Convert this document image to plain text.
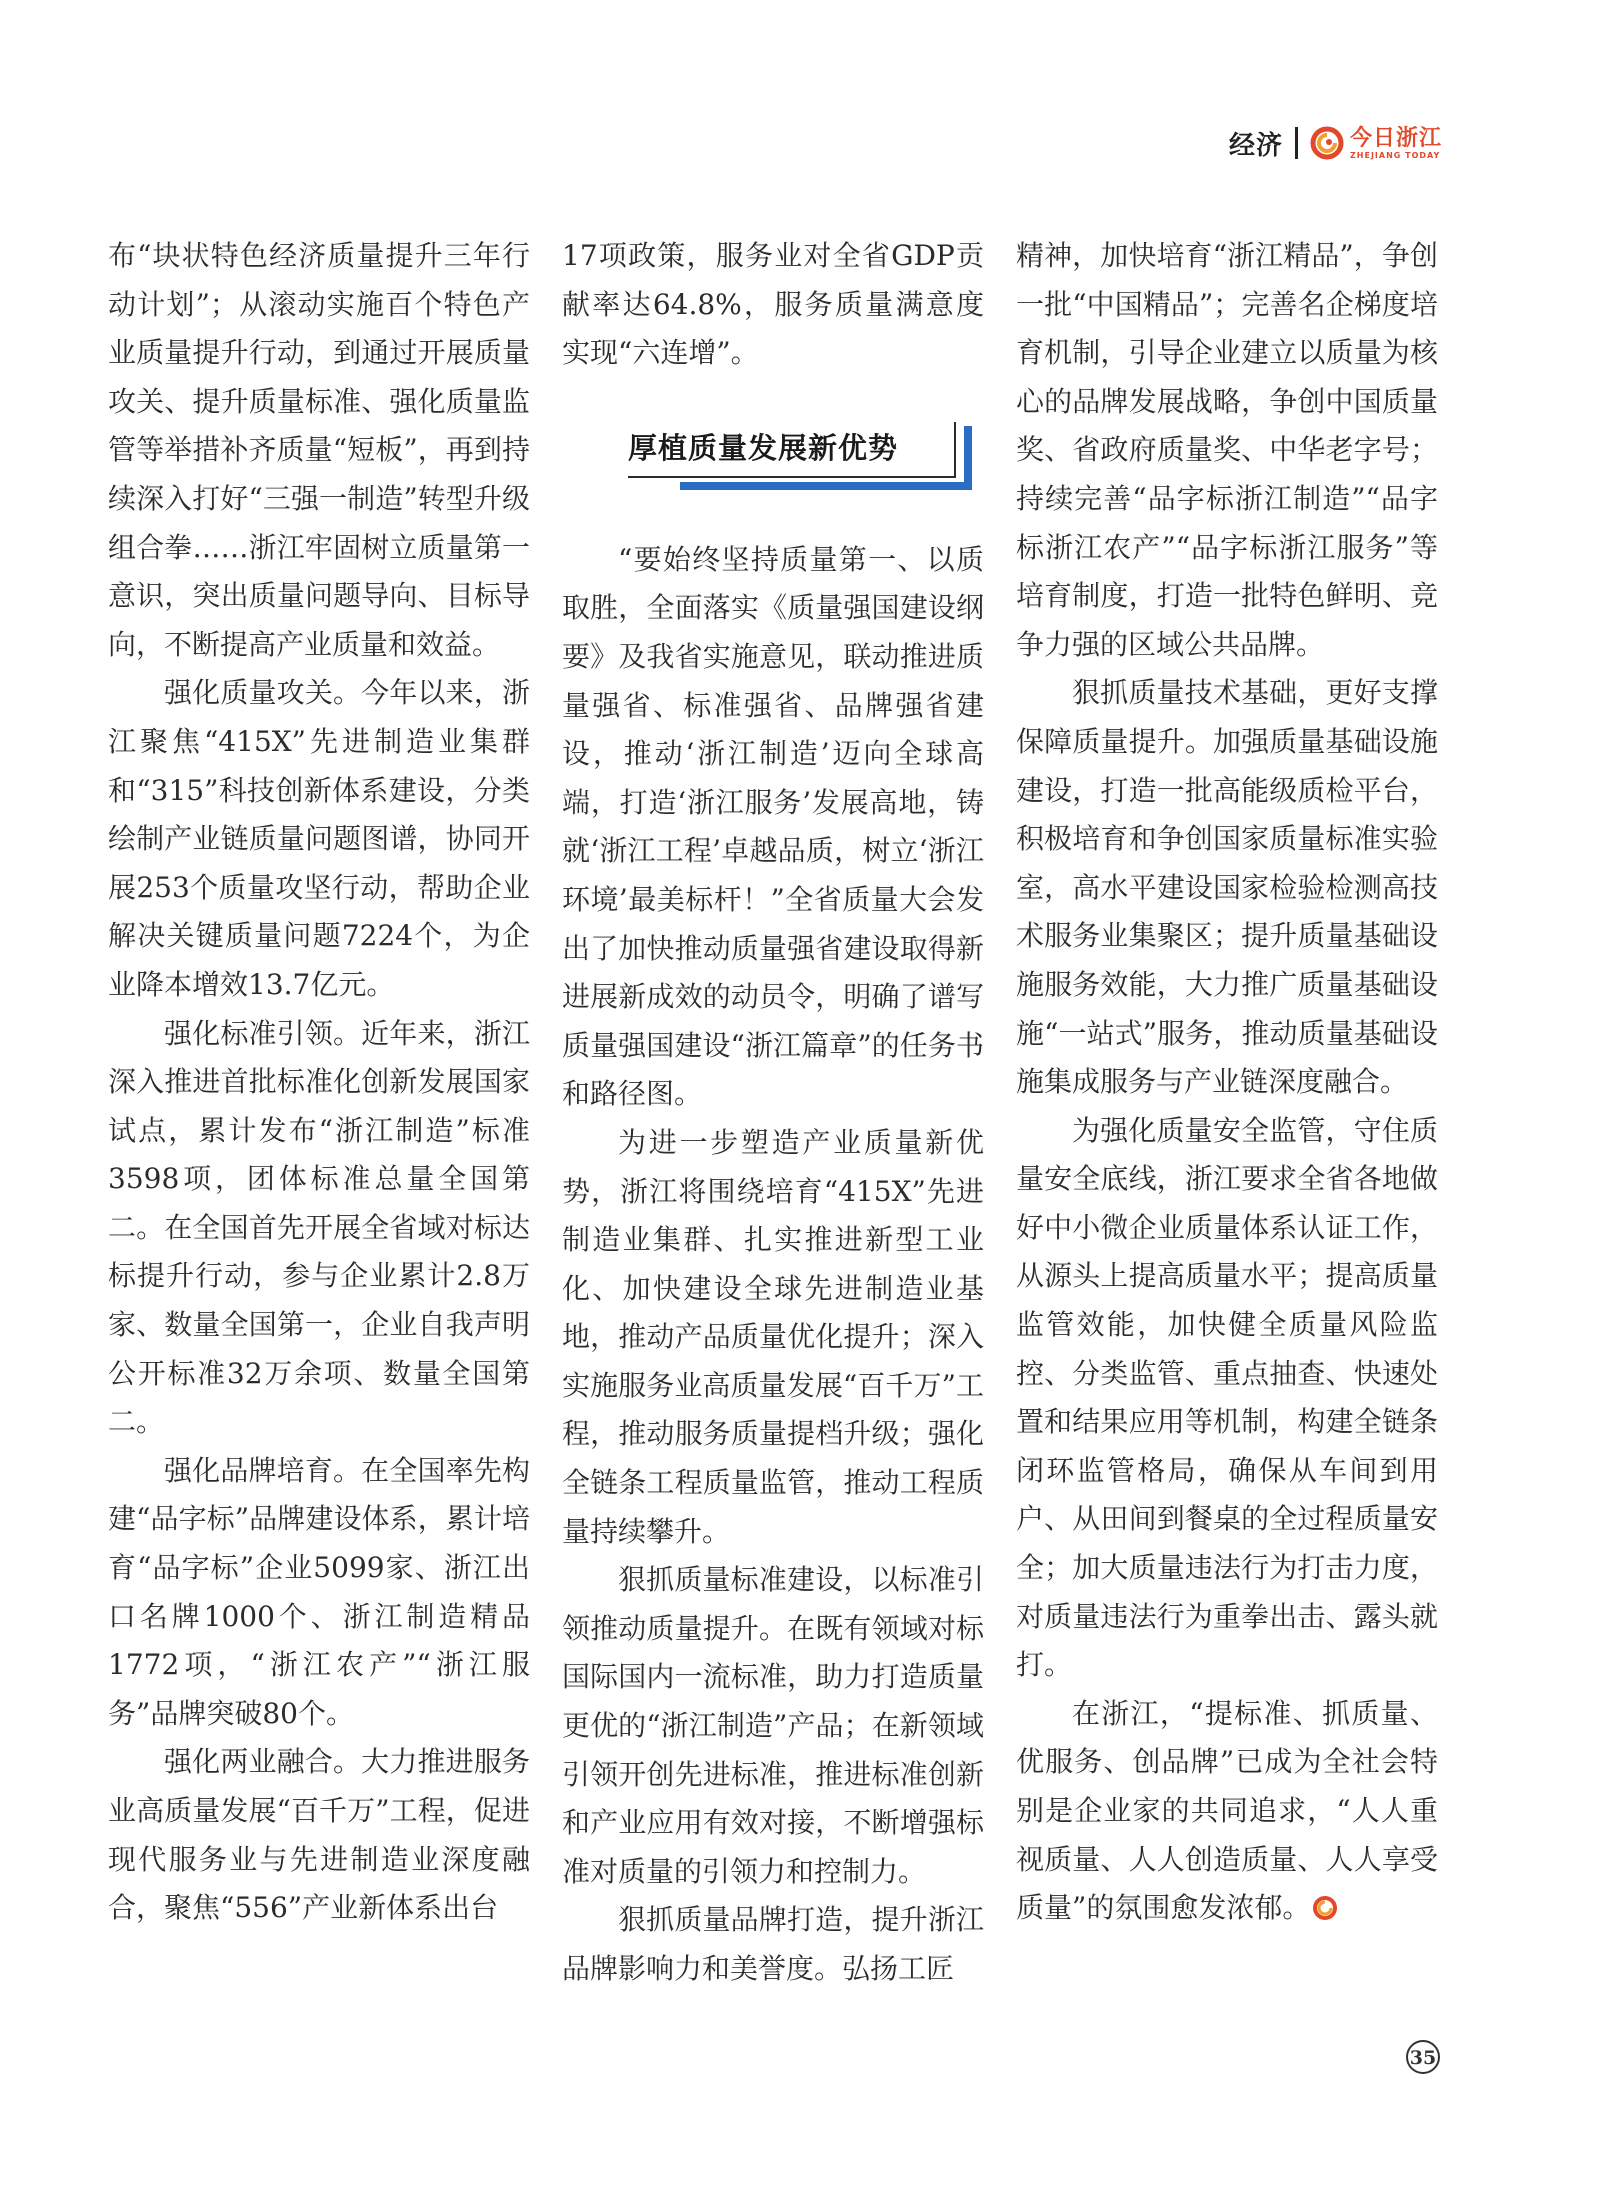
经济	今日浙江
ZHEJIANG TODAY

布“块状特色经济质量提升三年行动计划”；从滚动实施百个特色产业质量提升行动，到通过开展质量攻关、提升质量标准、强化质量监管等举措补齐质量“短板”，再到持续深入打好“三强一制造”转型升级组合拳……浙江牢固树立质量第一意识，突出质量问题导向、目标导向，不断提高产业质量和效益。

强化质量攻关。今年以来，浙江聚焦“415X”先进制造业集群和“315”科技创新体系建设，分类绘制产业链质量问题图谱，协同开展253个质量攻坚行动，帮助企业解决关键质量问题7224个，为企业降本增效13.7亿元。

强化标准引领。近年来，浙江深入推进首批标准化创新发展国家试点，累计发布“浙江制造”标准3598项，团体标准总量全国第二。在全国首先开展全省域对标达标提升行动，参与企业累计2.8万家、数量全国第一，企业自我声明公开标准32万余项、数量全国第二。

强化品牌培育。在全国率先构建“品字标”品牌建设体系，累计培育“品字标”企业5099家、浙江出口名牌1000个、浙江制造精品1772项，“浙江农产”“浙江服务”品牌突破80个。

强化两业融合。大力推进服务业高质量发展“百千万”工程，促进现代服务业与先进制造业深度融合，聚焦“556”产业新体系出台

17项政策，服务业对全省GDP贡献率达64.8%，服务质量满意度实现“六连增”。

厚植质量发展新优势

“要始终坚持质量第一、以质取胜，全面落实《质量强国建设纲要》及我省实施意见，联动推进质量强省、标准强省、品牌强省建设，推动‘浙江制造’迈向全球高端，打造‘浙江服务’发展高地，铸就‘浙江工程’卓越品质，树立‘浙江环境’最美标杆！”全省质量大会发出了加快推动质量强省建设取得新进展新成效的动员令，明确了谱写质量强国建设“浙江篇章”的任务书和路径图。

为进一步塑造产业质量新优势，浙江将围绕培育“415X”先进制造业集群、扎实推进新型工业化、加快建设全球先进制造业基地，推动产品质量优化提升；深入实施服务业高质量发展“百千万”工程，推动服务质量提档升级；强化全链条工程质量监管，推动工程质量持续攀升。

狠抓质量标准建设，以标准引领推动质量提升。在既有领域对标国际国内一流标准，助力打造质量更优的“浙江制造”产品；在新领域引领开创先进标准，推进标准创新和产业应用有效对接，不断增强标准对质量的引领力和控制力。

狠抓质量品牌打造，提升浙江品牌影响力和美誉度。弘扬工匠

精神，加快培育“浙江精品”，争创一批“中国精品”；完善名企梯度培育机制，引导企业建立以质量为核心的品牌发展战略，争创中国质量奖、省政府质量奖、中华老字号；持续完善“品字标浙江制造”“品字标浙江农产”“品字标浙江服务”等培育制度，打造一批特色鲜明、竞争力强的区域公共品牌。

狠抓质量技术基础，更好支撑保障质量提升。加强质量基础设施建设，打造一批高能级质检平台，积极培育和争创国家质量标准实验室，高水平建设国家检验检测高技术服务业集聚区；提升质量基础设施服务效能，大力推广质量基础设施“一站式”服务，推动质量基础设施集成服务与产业链深度融合。

为强化质量安全监管，守住质量安全底线，浙江要求全省各地做好中小微企业质量体系认证工作，从源头上提高质量水平；提高质量监管效能，加快健全质量风险监控、分类监管、重点抽查、快速处置和结果应用等机制，构建全链条闭环监管格局，确保从车间到用户、从田间到餐桌的全过程质量安全；加大质量违法行为打击力度，对质量违法行为重拳出击、露头就打。

在浙江，“提标准、抓质量、优服务、创品牌”已成为全社会特别是企业家的共同追求，“人人重视质量、人人创造质量、人人享受质量”的氛围愈发浓郁。

35
